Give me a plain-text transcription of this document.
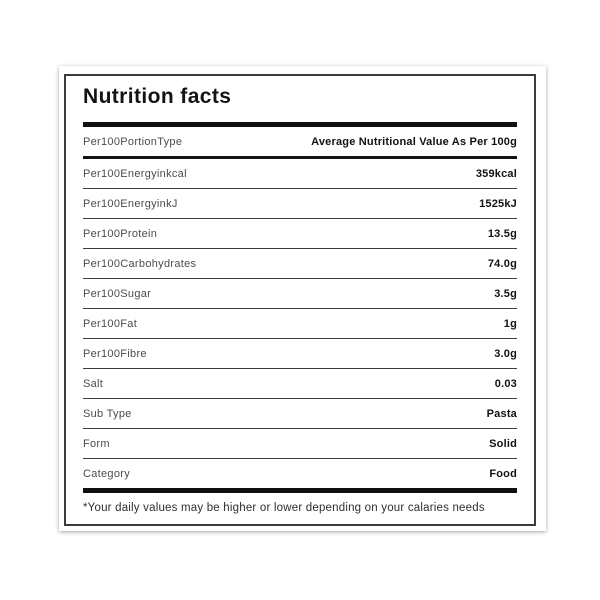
Nutrition facts
Per100PortionType	Average Nutritional Value As Per 100g
Per100Energyinkcal	359kcal
Per100EnergyinkJ	1525kJ
Per100Protein	13.5g
Per100Carbohydrates	74.0g
Per100Sugar	3.5g
Per100Fat	1g
Per100Fibre	3.0g
Salt	0.03
Sub Type	Pasta
Form	Solid
Category	Food
*Your daily values may be higher or lower depending on your calaries needs
